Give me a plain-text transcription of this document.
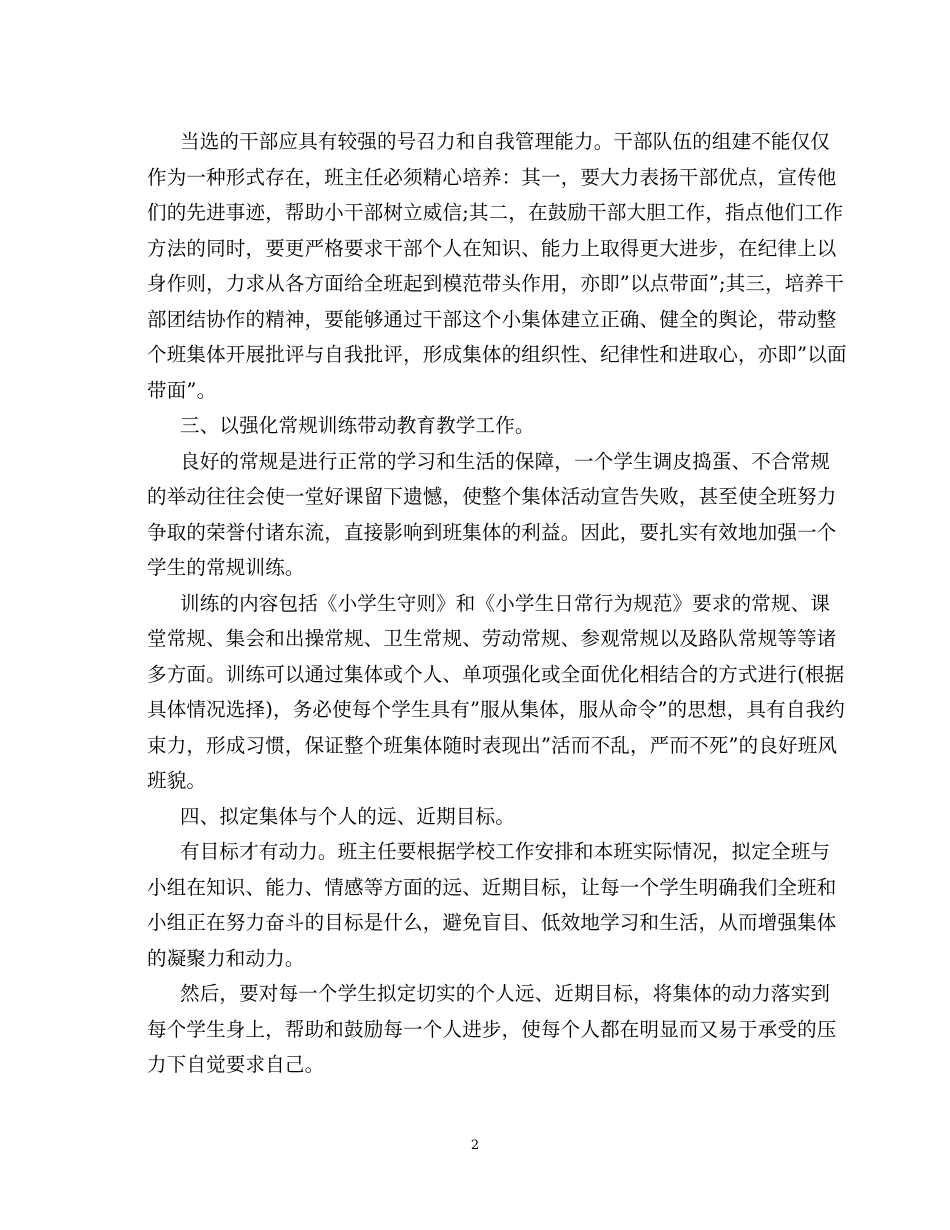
当选的干部应具有较强的号召力和自我管理能力。干部队伍的组建不能仅仅
作为一种形式存在，班主任必须精心培养：其一，要大力表扬干部优点，宣传他
们的先进事迹，帮助小干部树立威信;其二，在鼓励干部大胆工作，指点他们工作
方法的同时，要更严格要求干部个人在知识、能力上取得更大进步，在纪律上以
身作则，力求从各方面给全班起到模范带头作用，亦即”以点带面”;其三，培养干
部团结协作的精神，要能够通过干部这个小集体建立正确、健全的舆论，带动整
个班集体开展批评与自我批评，形成集体的组织性、纪律性和进取心，亦即”以面
带面”。
三、以强化常规训练带动教育教学工作。
良好的常规是进行正常的学习和生活的保障，一个学生调皮捣蛋、不合常规
的举动往往会使一堂好课留下遗憾，使整个集体活动宣告失败，甚至使全班努力
争取的荣誉付诸东流，直接影响到班集体的利益。因此，要扎实有效地加强一个
学生的常规训练。
训练的内容包括《小学生守则》和《小学生日常行为规范》要求的常规、课
堂常规、集会和出操常规、卫生常规、劳动常规、参观常规以及路队常规等等诸
多方面。训练可以通过集体或个人、单项强化或全面优化相结合的方式进行(根据
具体情况选择)，务必使每个学生具有”服从集体，服从命令”的思想，具有自我约
束力，形成习惯，保证整个班集体随时表现出”活而不乱，严而不死”的良好班风
班貌。
四、拟定集体与个人的远、近期目标。
有目标才有动力。班主任要根据学校工作安排和本班实际情况，拟定全班与
小组在知识、能力、情感等方面的远、近期目标，让每一个学生明确我们全班和
小组正在努力奋斗的目标是什么，避免盲目、低效地学习和生活，从而增强集体
的凝聚力和动力。
2
然后，要对每一个学生拟定切实的个人远、近期目标，将集体的动力落实到
每个学生身上，帮助和鼓励每一个人进步，使每个人都在明显而又易于承受的压
力下自觉要求自己。
